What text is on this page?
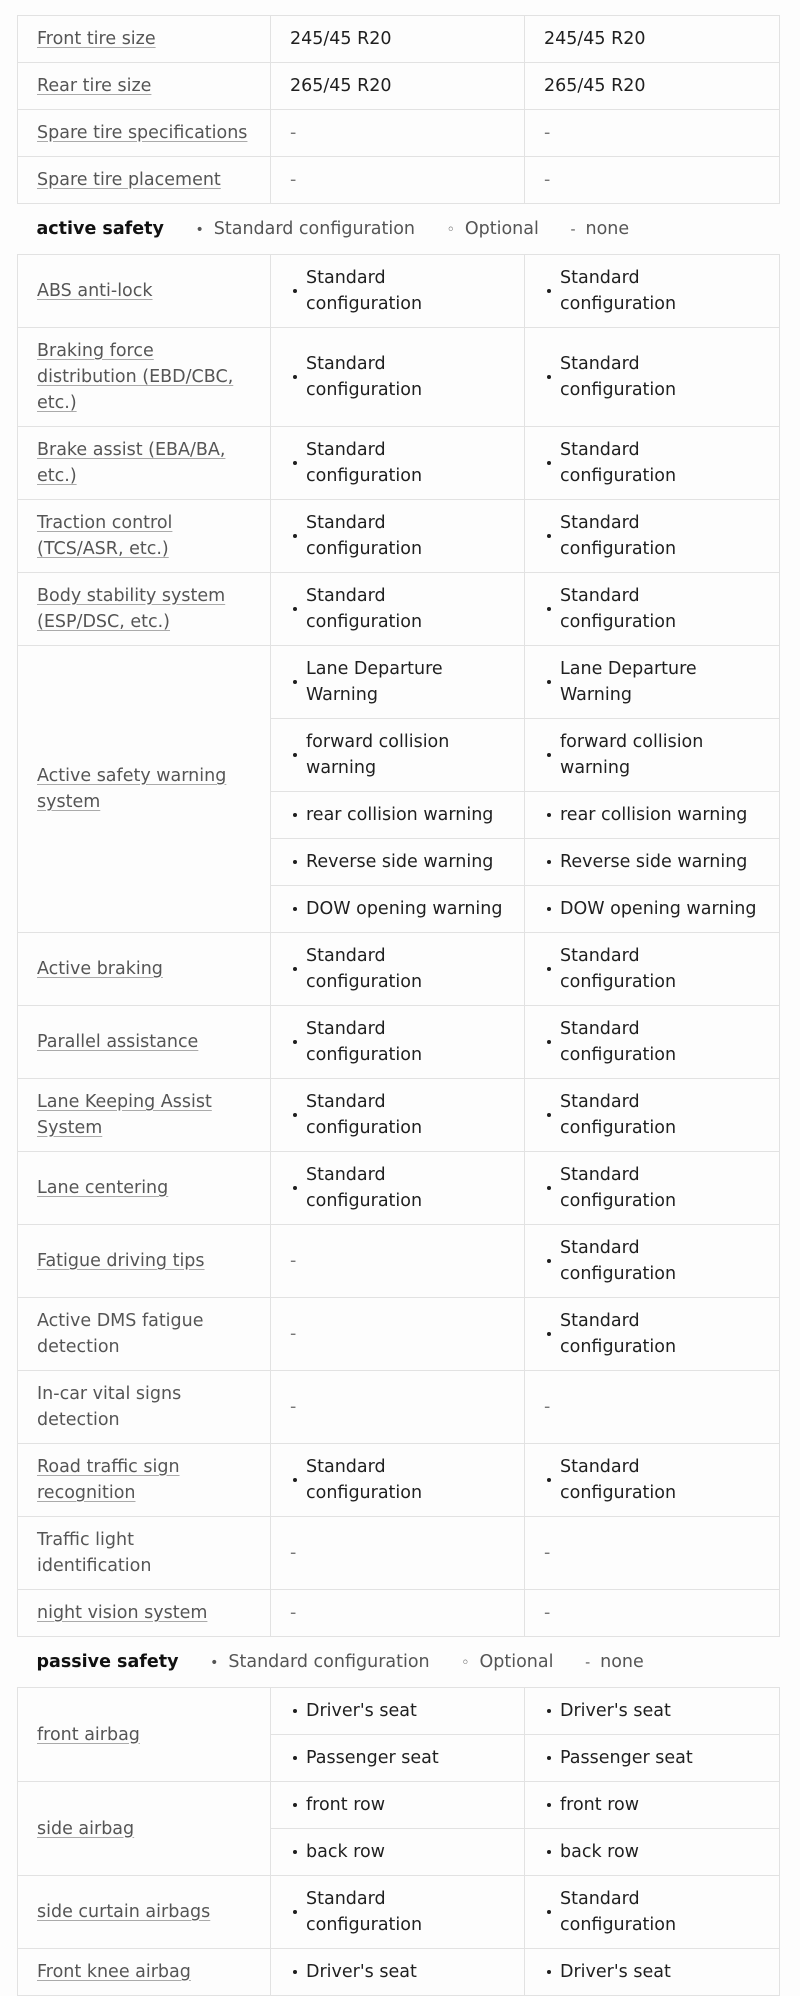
Front tire size	245/45 R20	245/45 R20
Rear tire size	265/45 R20	265/45 R20
Spare tire specifications	-	-
Spare tire placement	-	-
active safety • Standard configuration ◦ Optional - none		
ABS anti-lock	Standard configuration	Standard configuration

Braking force distribution (EBD/CBC, etc.)	Standard configuration	Standard configuration

Brake assist (EBA/BA, etc.)	Standard configuration	Standard configuration

Traction control (TCS/ASR, etc.)	Standard configuration	Standard configuration

Body stability system (ESP/DSC, etc.)	Standard configuration	Standard configuration

Active safety warning system	Lane Departure Warning	Lane Departure Warning

	forward collision warning	forward collision warning

	rear collision warning	rear collision warning

	Reverse side warning	Reverse side warning

	DOW opening warning	DOW opening warning

Active braking	Standard configuration	Standard configuration

Parallel assistance	Standard configuration	Standard configuration

Lane Keeping Assist System	Standard configuration	Standard configuration

Lane centering	Standard configuration	Standard configuration

Fatigue driving tips	-	Standard configuration

Active DMS fatigue detection	-	Standard configuration

In-car vital signs detection	-	-
Road traffic sign recognition	Standard configuration	Standard configuration

Traffic light identification	-	-
night vision system	-	-
passive safety • Standard configuration ◦ Optional - none		
front airbag	Driver's seat	Driver's seat

	Passenger seat	Passenger seat

side airbag	front row	front row

	back row	back row

side curtain airbags	Standard configuration	Standard configuration

Front knee airbag	Driver's seat	Driver's seat
